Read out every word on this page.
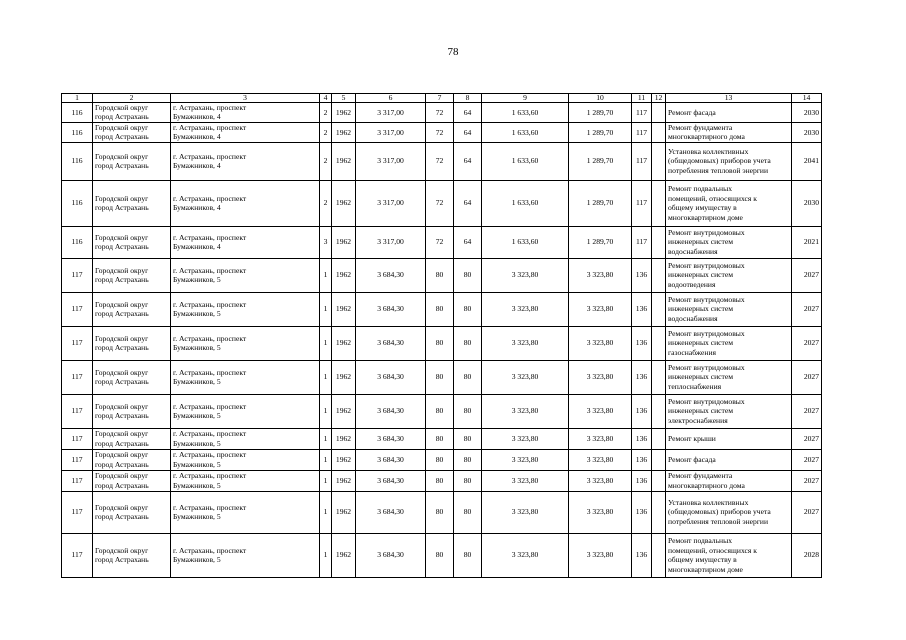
78
1	2	3	4	5	6	7	8	9	10	11	12	13	14
116	Городской округ
город Астрахань	г. Астрахань, проспект
Бумажников, 4	2	1962	3 317,00	72	64	1 633,60	1 289,70	117		Ремонт фасада	2030
116	Городской округ
город Астрахань	г. Астрахань, проспект
Бумажников, 4	2	1962	3 317,00	72	64	1 633,60	1 289,70	117		Ремонт фундамента
многоквартирного дома	2030
116	Городской округ
город Астрахань	г. Астрахань, проспект
Бумажников, 4	2	1962	3 317,00	72	64	1 633,60	1 289,70	117		Установка коллективных
(общедомовых) приборов учета
потребления тепловой энергии	2041
116	Городской округ
город Астрахань	г. Астрахань, проспект
Бумажников, 4	2	1962	3 317,00	72	64	1 633,60	1 289,70	117		Ремонт подвальных
помещений, относящихся к
общему имуществу в
многоквартирном доме	2030
116	Городской округ
город Астрахань	г. Астрахань, проспект
Бумажников, 4	3	1962	3 317,00	72	64	1 633,60	1 289,70	117		Ремонт внутридомовых
инженерных систем
водоснабжения	2021
117	Городской округ
город Астрахань	г. Астрахань, проспект
Бумажников, 5	1	1962	3 684,30	80	80	3 323,80	3 323,80	136		Ремонт внутридомовых
инженерных систем
водоотведения	2027
117	Городской округ
город Астрахань	г. Астрахань, проспект
Бумажников, 5	1	1962	3 684,30	80	80	3 323,80	3 323,80	136		Ремонт внутридомовых
инженерных систем
водоснабжения	2027
117	Городской округ
город Астрахань	г. Астрахань, проспект
Бумажников, 5	1	1962	3 684,30	80	80	3 323,80	3 323,80	136		Ремонт внутридомовых
инженерных систем
газоснабжения	2027
117	Городской округ
город Астрахань	г. Астрахань, проспект
Бумажников, 5	1	1962	3 684,30	80	80	3 323,80	3 323,80	136		Ремонт внутридомовых
инженерных систем
теплоснабжения	2027
117	Городской округ
город Астрахань	г. Астрахань, проспект
Бумажников, 5	1	1962	3 684,30	80	80	3 323,80	3 323,80	136		Ремонт внутридомовых
инженерных систем
электроснабжения	2027
117	Городской округ
город Астрахань	г. Астрахань, проспект
Бумажников, 5	1	1962	3 684,30	80	80	3 323,80	3 323,80	136		Ремонт крыши	2027
117	Городской округ
город Астрахань	г. Астрахань, проспект
Бумажников, 5	1	1962	3 684,30	80	80	3 323,80	3 323,80	136		Ремонт фасада	2027
117	Городской округ
город Астрахань	г. Астрахань, проспект
Бумажников, 5	1	1962	3 684,30	80	80	3 323,80	3 323,80	136		Ремонт фундамента
многоквартирного дома	2027
117	Городской округ
город Астрахань	г. Астрахань, проспект
Бумажников, 5	1	1962	3 684,30	80	80	3 323,80	3 323,80	136		Установка коллективных
(общедомовых) приборов учета
потребления тепловой энергии	2027
117	Городской округ
город Астрахань	г. Астрахань, проспект
Бумажников, 5	1	1962	3 684,30	80	80	3 323,80	3 323,80	136		Ремонт подвальных
помещений, относящихся к
общему имуществу в
многоквартирном доме	2028
